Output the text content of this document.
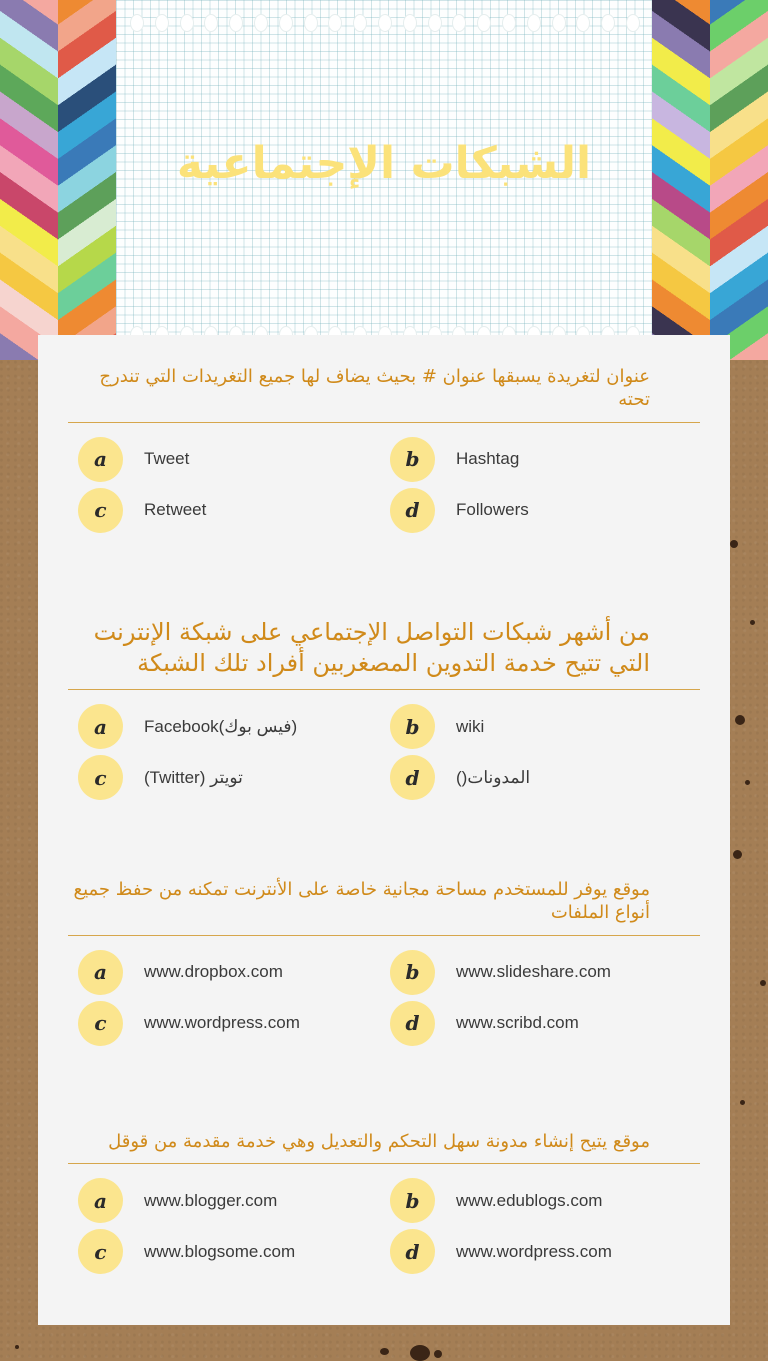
الشبكات الإجتماعية
عنوان لتغريدة يسبقها عنوان # بحيث يضاف لها جميع التغريدات التي تندرج تحته
a	Tweet	b	Hashtag
c	Retweet	d	Followers
من أشهر شبكات التواصل الإجتماعي على شبكة الإنترنت التي تتيح خدمة التدوين المصغربين أفراد تلك الشبكة
a	Facebook(فيس بوك)	b	wiki
c	(Twitter) تويتر	d	()المدونات
موقع يوفر للمستخدم مساحة مجانية خاصة على الأنترنت تمكنه من حفظ جميع أنواع الملفات
a	www.dropbox.com	b	www.slideshare.com
c	www.wordpress.com	d	www.scribd.com
موقع يتيح إنشاء مدونة سهل التحكم والتعديل وهي خدمة مقدمة من قوقل
a	www.blogger.com	b	www.edublogs.com
c	www.blogsome.com	d	www.wordpress.com
